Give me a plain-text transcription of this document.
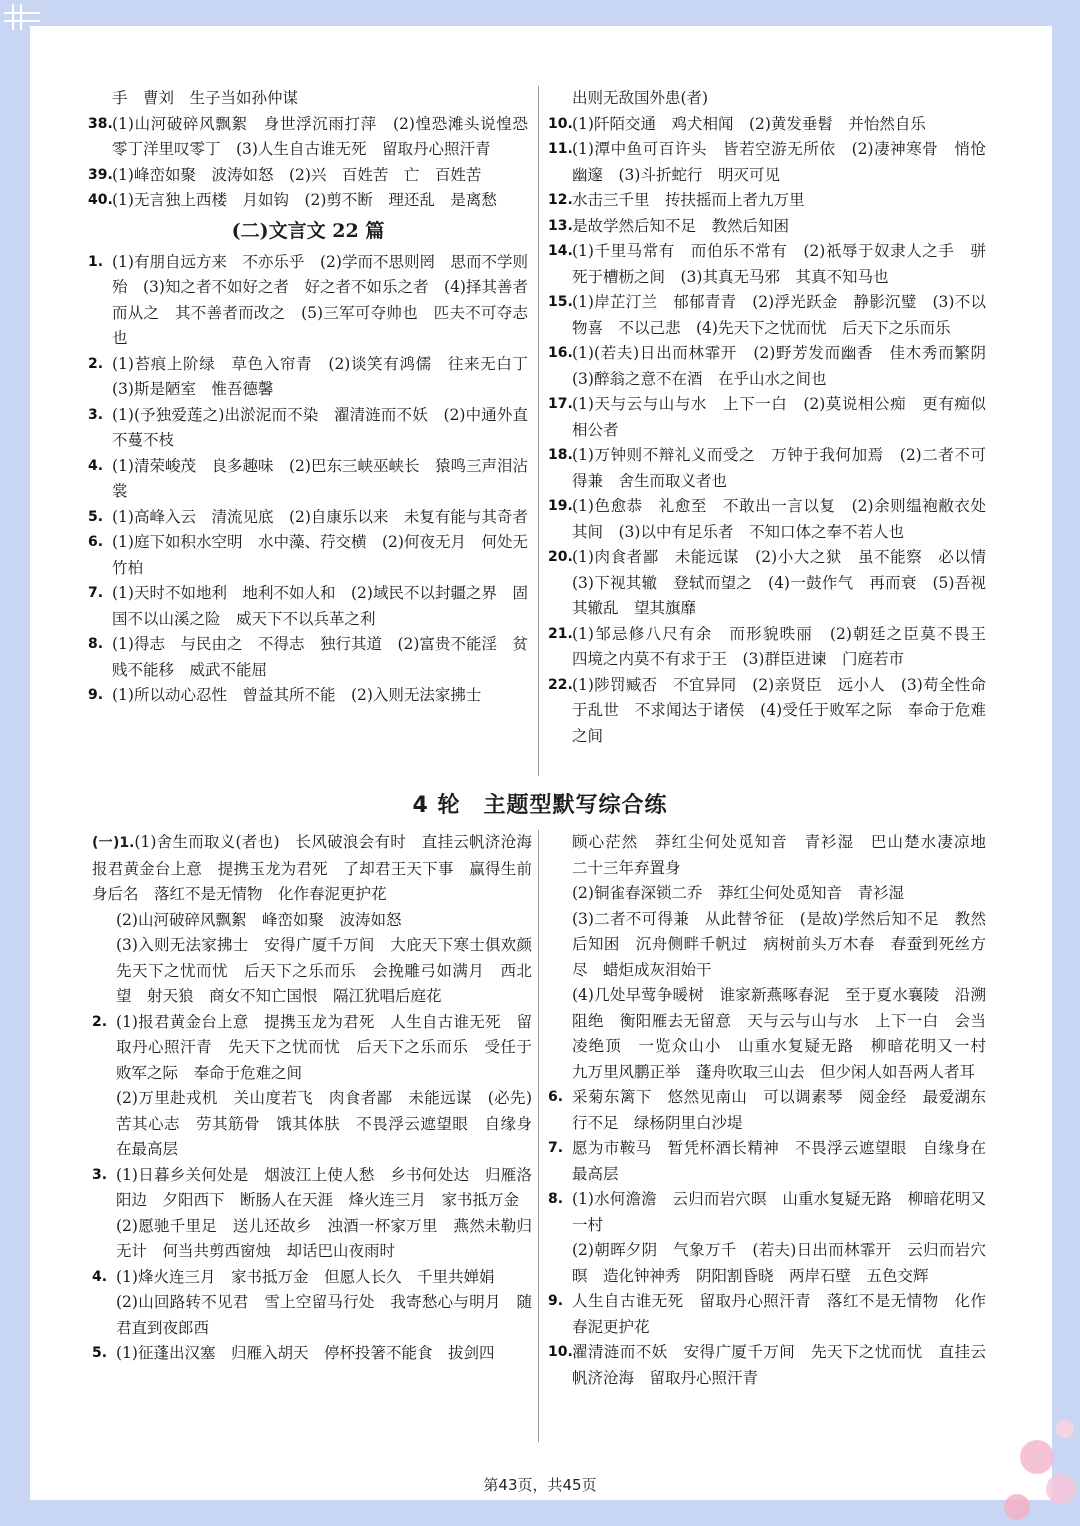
手　曹刘　生子当如孙仲谋
38. (1)山河破碎风飘絮　身世浮沉雨打萍　(2)惶恐滩头说惶恐　零丁洋里叹零丁　(3)人生自古谁无死　留取丹心照汗青
39. (1)峰峦如聚　波涛如怒　(2)兴　百姓苦　亡　百姓苦
40. (1)无言独上西楼　月如钩　(2)剪不断　理还乱　是离愁
(二)文言文 22 篇
1. (1)有朋自远方来　不亦乐乎　(2)学而不思则罔　思而不学则殆　(3)知之者不如好之者　好之者不如乐之者　(4)择其善者而从之　其不善者而改之　(5)三军可夺帅也　匹夫不可夺志也
2. (1)苔痕上阶绿　草色入帘青　(2)谈笑有鸿儒　往来无白丁　(3)斯是陋室　惟吾德馨
3. (1)(予独爱莲之)出淤泥而不染　濯清涟而不妖　(2)中通外直　不蔓不枝
4. (1)清荣峻茂　良多趣味　(2)巴东三峡巫峡长　猿鸣三声泪沾裳
5. (1)高峰入云　清流见底　(2)自康乐以来　未复有能与其奇者
6. (1)庭下如积水空明　水中藻、荇交横　(2)何夜无月　何处无竹柏
7. (1)天时不如地利　地利不如人和　(2)域民不以封疆之界　固国不以山溪之险　威天下不以兵革之利
8. (1)得志　与民由之　不得志　独行其道　(2)富贵不能淫　贫贱不能移　威武不能屈
9. (1)所以动心忍性　曾益其所不能　(2)入则无法家拂士
出则无敌国外患(者)
10. (1)阡陌交通　鸡犬相闻　(2)黄发垂髫　并怡然自乐
11. (1)潭中鱼可百许头　皆若空游无所依　(2)凄神寒骨　悄怆幽邃　(3)斗折蛇行　明灭可见
12. 水击三千里　抟扶摇而上者九万里
13. 是故学然后知不足　教然后知困
14. (1)千里马常有　而伯乐不常有　(2)祇辱于奴隶人之手　骈死于槽枥之间　(3)其真无马邪　其真不知马也
15. (1)岸芷汀兰　郁郁青青　(2)浮光跃金　静影沉璧　(3)不以物喜　不以己悲　(4)先天下之忧而忧　后天下之乐而乐
16. (1)(若夫)日出而林霏开　(2)野芳发而幽香　佳木秀而繁阴　(3)醉翁之意不在酒　在乎山水之间也
17. (1)天与云与山与水　上下一白　(2)莫说相公痴　更有痴似相公者
18. (1)万钟则不辩礼义而受之　万钟于我何加焉　(2)二者不可得兼　舍生而取义者也
19. (1)色愈恭　礼愈至　不敢出一言以复　(2)余则缊袍敝衣处其间　(3)以中有足乐者　不知口体之奉不若人也
20. (1)肉食者鄙　未能远谋　(2)小大之狱　虽不能察　必以情　(3)下视其辙　登轼而望之　(4)一鼓作气　再而衰　(5)吾视其辙乱　望其旗靡
21. (1)邹忌修八尺有余　而形貌昳丽　(2)朝廷之臣莫不畏王　四境之内莫不有求于王　(3)群臣进谏　门庭若市
22. (1)陟罚臧否　不宜异同　(2)亲贤臣　远小人　(3)苟全性命于乱世　不求闻达于诸侯　(4)受任于败军之际　奉命于危难之间
4 轮　主题型默写综合练
(一)1.(1)舍生而取义(者也)　长风破浪会有时　直挂云帆济沧海　报君黄金台上意　提携玉龙为君死　了却君王天下事　赢得生前身后名　落红不是无情物　化作春泥更护花
(2)山河破碎风飘絮　峰峦如聚　波涛如怒
(3)入则无法家拂士　安得广厦千万间　大庇天下寒士俱欢颜　先天下之忧而忧　后天下之乐而乐　会挽雕弓如满月　西北望　射天狼　商女不知亡国恨　隔江犹唱后庭花
2. (1)报君黄金台上意　提携玉龙为君死　人生自古谁无死　留取丹心照汗青　先天下之忧而忧　后天下之乐而乐　受任于败军之际　奉命于危难之间
(2)万里赴戎机　关山度若飞　肉食者鄙　未能远谋　(必先)苦其心志　劳其筋骨　饿其体肤　不畏浮云遮望眼　自缘身在最高层
3. (1)日暮乡关何处是　烟波江上使人愁　乡书何处达　归雁洛阳边　夕阳西下　断肠人在天涯　烽火连三月　家书抵万金
(2)愿驰千里足　送儿还故乡　浊酒一杯家万里　燕然未勒归无计　何当共剪西窗烛　却话巴山夜雨时
4. (1)烽火连三月　家书抵万金　但愿人长久　千里共婵娟
(2)山回路转不见君　雪上空留马行处　我寄愁心与明月　随君直到夜郎西
5. (1)征蓬出汉塞　归雁入胡天　停杯投箸不能食　拔剑四
顾心茫然　莽红尘何处觅知音　青衫湿　巴山楚水凄凉地　二十三年弃置身
(2)铜雀春深锁二乔　莽红尘何处觅知音　青衫湿
(3)二者不可得兼　从此替爷征　(是故)学然后知不足　教然后知困　沉舟侧畔千帆过　病树前头万木春　春蚕到死丝方尽　蜡炬成灰泪始干
(4)几处早莺争暖树　谁家新燕啄春泥　至于夏水襄陵　沿溯阻绝　衡阳雁去无留意　天与云与山与水　上下一白　会当凌绝顶　一览众山小　山重水复疑无路　柳暗花明又一村　九万里风鹏正举　蓬舟吹取三山去　但少闲人如吾两人者耳
6. 采菊东篱下　悠然见南山　可以调素琴　阅金经　最爱湖东行不足　绿杨阴里白沙堤
7. 愿为市鞍马　暂凭杯酒长精神　不畏浮云遮望眼　自缘身在最高层
8. (1)水何澹澹　云归而岩穴暝　山重水复疑无路　柳暗花明又一村
(2)朝晖夕阴　气象万千　(若夫)日出而林霏开　云归而岩穴暝　造化钟神秀　阴阳割昏晓　两岸石壁　五色交辉
9. 人生自古谁无死　留取丹心照汗青　落红不是无情物　化作春泥更护花
10. 濯清涟而不妖　安得广厦千万间　先天下之忧而忧　直挂云帆济沧海　留取丹心照汗青
第43页，共45页
